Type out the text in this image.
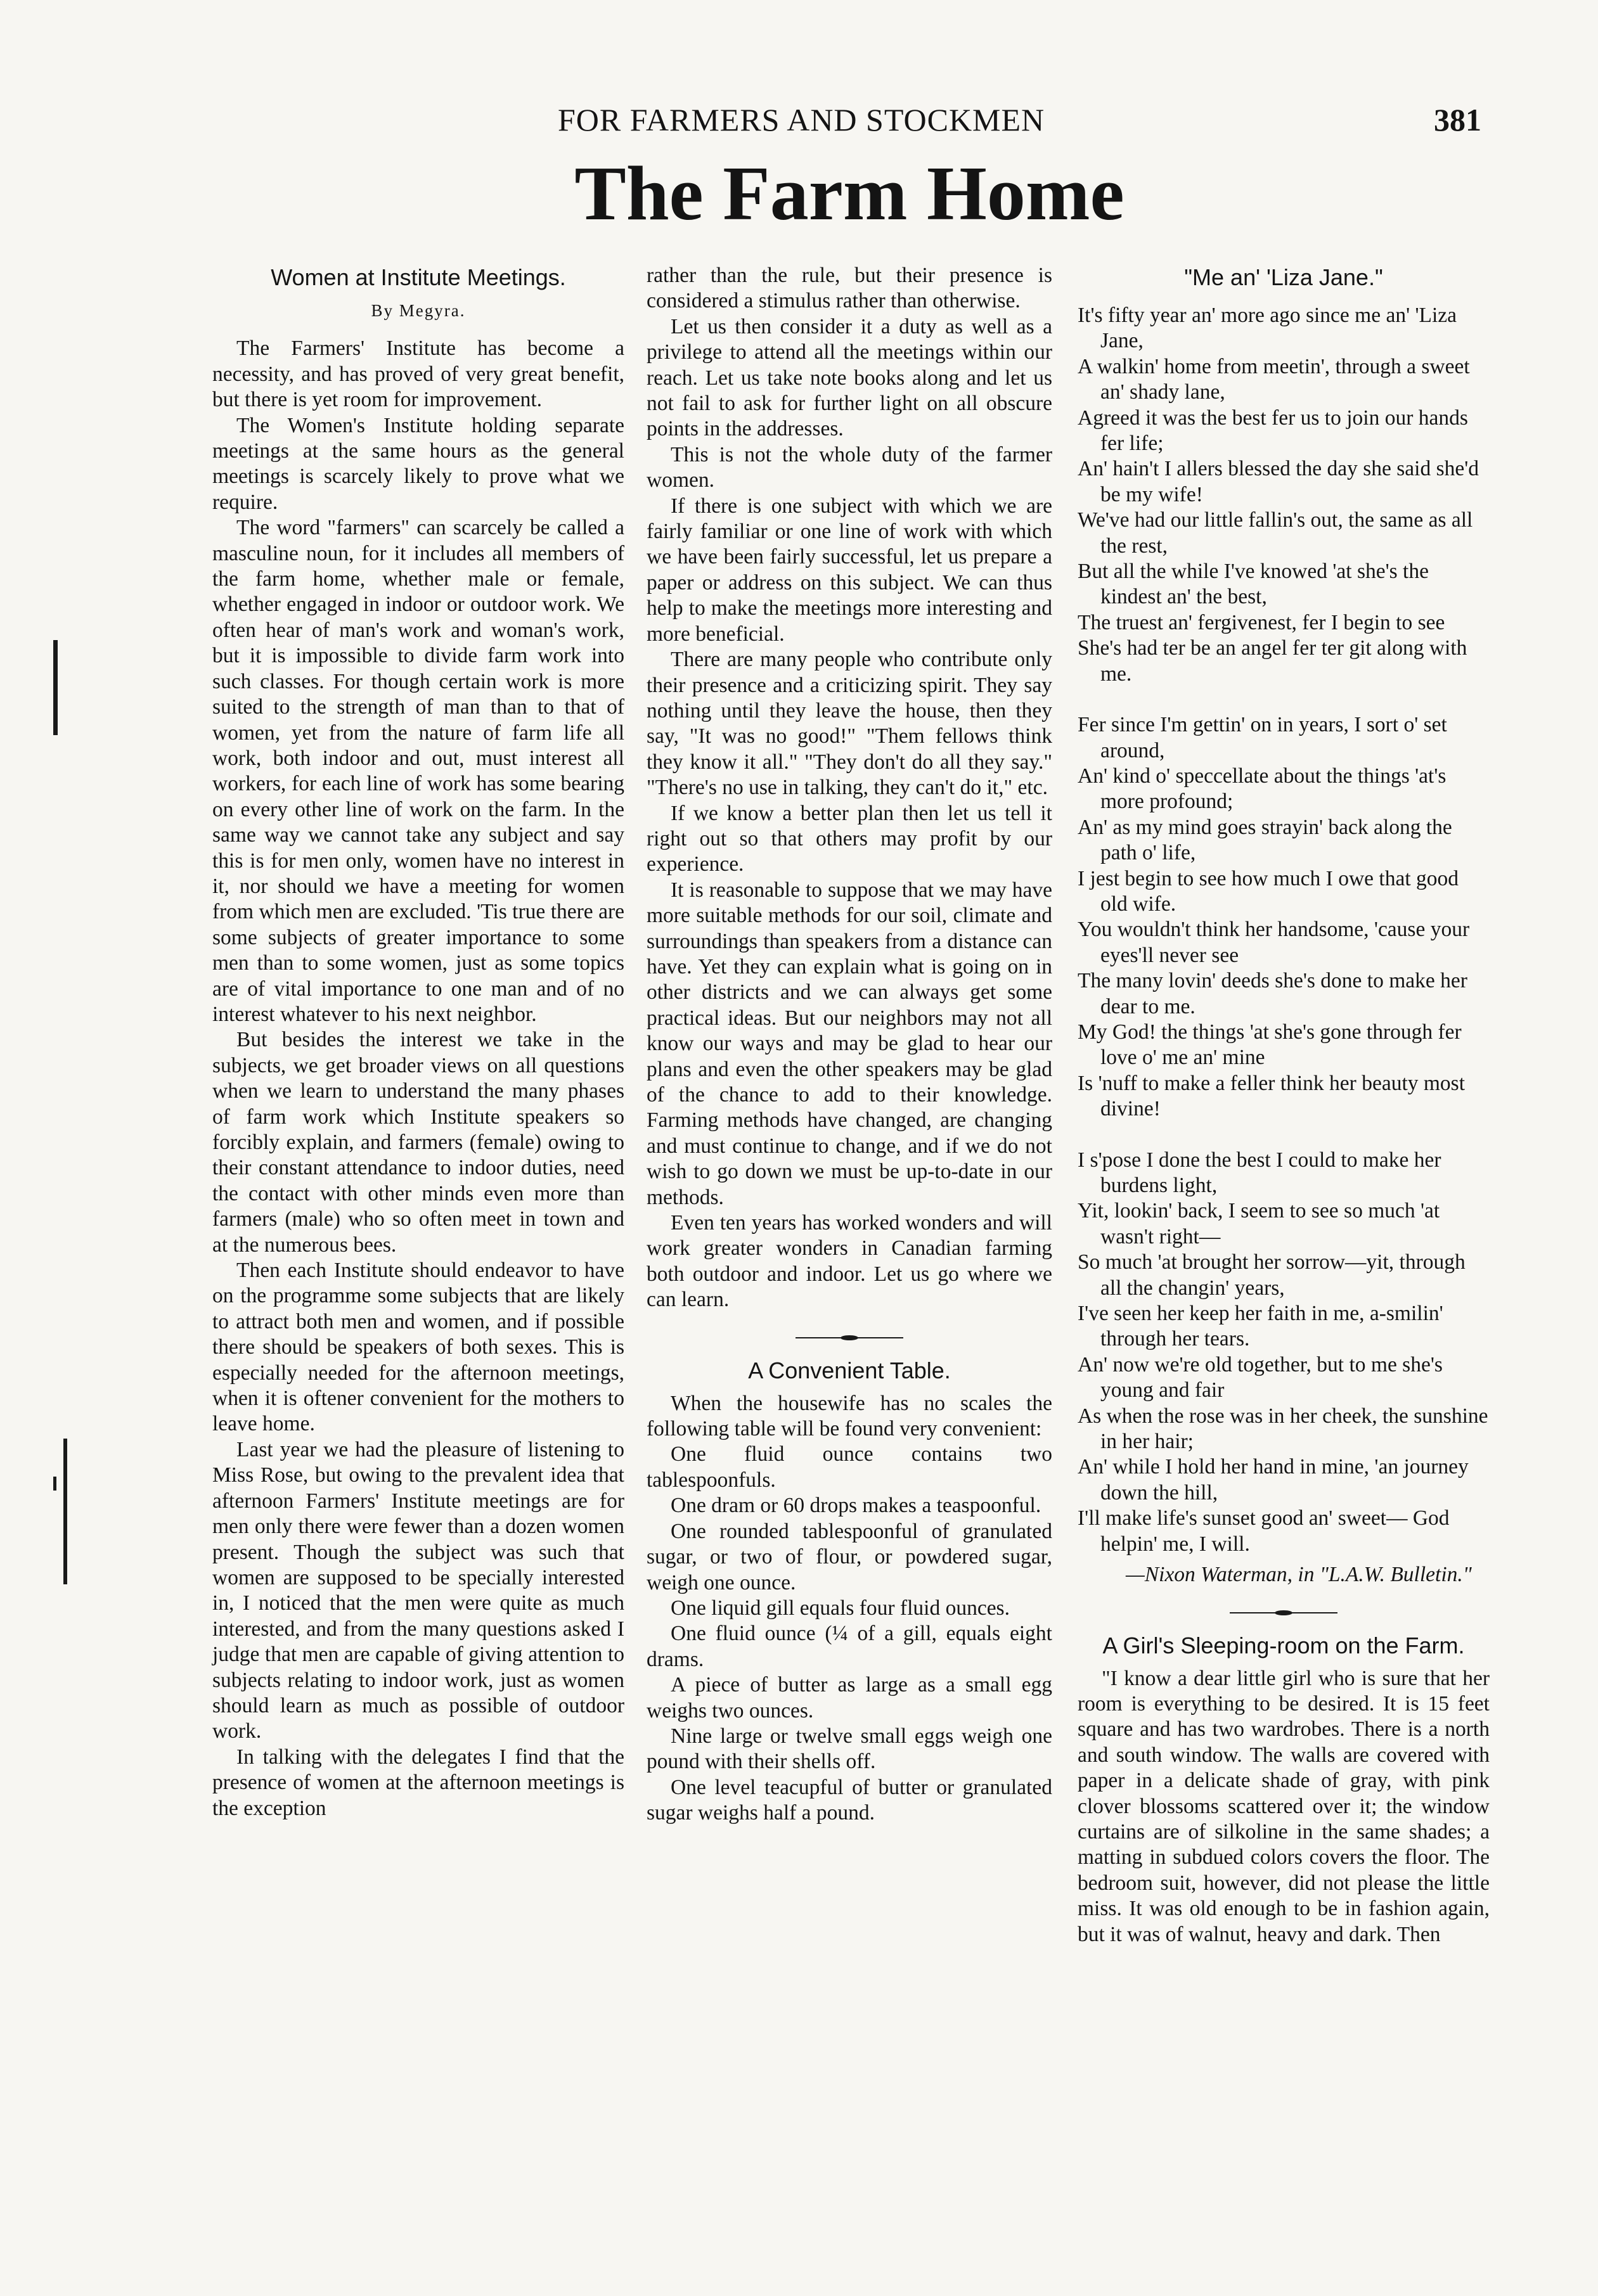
FOR FARMERS AND STOCKMEN	381
The Farm Home
Women at Institute Meetings.
By Megyra.

The Farmers' Institute has become a necessity, and has proved of very great benefit, but there is yet room for improvement.

The Women's Institute holding separate meetings at the same hours as the general meetings is scarcely likely to prove what we require.

The word "farmers" can scarcely be called a masculine noun, for it includes all members of the farm home, whether male or female, whether engaged in indoor or outdoor work. We often hear of man's work and woman's work, but it is impossible to divide farm work into such classes. For though certain work is more suited to the strength of man than to that of women, yet from the nature of farm life all work, both indoor and out, must interest all workers, for each line of work has some bearing on every other line of work on the farm. In the same way we cannot take any subject and say this is for men only, women have no interest in it, nor should we have a meeting for women from which men are excluded. 'Tis true there are some subjects of greater importance to some men than to some women, just as some topics are of vital importance to one man and of no interest whatever to his next neighbor.

But besides the interest we take in the subjects, we get broader views on all questions when we learn to understand the many phases of farm work which Institute speakers so forcibly explain, and farmers (female) owing to their constant attendance to indoor duties, need the contact with other minds even more than farmers (male) who so often meet in town and at the numerous bees.

Then each Institute should endeavor to have on the programme some subjects that are likely to attract both men and women, and if possible there should be speakers of both sexes. This is especially needed for the afternoon meetings, when it is oftener convenient for the mothers to leave home.

Last year we had the pleasure of listening to Miss Rose, but owing to the prevalent idea that afternoon Farmers' Institute meetings are for men only there were fewer than a dozen women present. Though the subject was such that women are supposed to be specially interested in, I noticed that the men were quite as much interested, and from the many questions asked I judge that men are capable of giving attention to subjects relating to indoor work, just as women should learn as much as possible of outdoor work.

In talking with the delegates I find that the presence of women at the afternoon meetings is the exception

rather than the rule, but their presence is considered a stimulus rather than otherwise.

Let us then consider it a duty as well as a privilege to attend all the meetings within our reach. Let us take note books along and let us not fail to ask for further light on all obscure points in the addresses.

This is not the whole duty of the farmer women.

If there is one subject with which we are fairly familiar or one line of work with which we have been fairly successful, let us prepare a paper or address on this subject. We can thus help to make the meetings more interesting and more beneficial.

There are many people who contribute only their presence and a criticizing spirit. They say nothing until they leave the house, then they say, "It was no good!" "Them fellows think they know it all." "They don't do all they say." "There's no use in talking, they can't do it," etc.

If we know a better plan then let us tell it right out so that others may profit by our experience.

It is reasonable to suppose that we may have more suitable methods for our soil, climate and surroundings than speakers from a distance can have. Yet they can explain what is going on in other districts and we can always get some practical ideas. But our neighbors may not all know our ways and may be glad to hear our plans and even the other speakers may be glad of the chance to add to their knowledge. Farming methods have changed, are changing and must continue to change, and if we do not wish to go down we must be up-to-date in our methods.

Even ten years has worked wonders and will work greater wonders in Canadian farming both outdoor and indoor. Let us go where we can learn.

A Convenient Table.

When the housewife has no scales the following table will be found very convenient:

One fluid ounce contains two tablespoonfuls.

One dram or 60 drops makes a teaspoonful.

One rounded tablespoonful of granulated sugar, or two of flour, or powdered sugar, weigh one ounce.

One liquid gill equals four fluid ounces.

One fluid ounce (¼ of a gill, equals eight drams.

A piece of butter as large as a small egg weighs two ounces.

Nine large or twelve small eggs weigh one pound with their shells off.

One level teacupful of butter or granulated sugar weighs half a pound.

"Me an' 'Liza Jane."

It's fifty year an' more ago since me an' 'Liza Jane,

A walkin' home from meetin', through a sweet an' shady lane,

Agreed it was the best fer us to join our hands fer life;

An' hain't I allers blessed the day she said she'd be my wife!

We've had our little fallin's out, the same as all the rest,

But all the while I've knowed 'at she's the kindest an' the best,

The truest an' fergivenest, fer I begin to see

She's had ter be an angel fer ter git along with me.

Fer since I'm gettin' on in years, I sort o' set around,

An' kind o' speccellate about the things 'at's more profound;

An' as my mind goes strayin' back along the path o' life,

I jest begin to see how much I owe that good old wife.

You wouldn't think her handsome, 'cause your eyes'll never see

The many lovin' deeds she's done to make her dear to me.

My God! the things 'at she's gone through fer love o' me an' mine

Is 'nuff to make a feller think her beauty most divine!

I s'pose I done the best I could to make her burdens light,

Yit, lookin' back, I seem to see so much 'at wasn't right—

So much 'at brought her sorrow—yit, through all the changin' years,

I've seen her keep her faith in me, a-smilin' through her tears.

An' now we're old together, but to me she's young and fair

As when the rose was in her cheek, the sunshine in her hair;

An' while I hold her hand in mine, 'an journey down the hill,

I'll make life's sunset good an' sweet— God helpin' me, I will.

—Nixon Waterman, in "L.A.W. Bulletin."

A Girl's Sleeping-room on the Farm.

"I know a dear little girl who is sure that her room is everything to be desired. It is 15 feet square and has two wardrobes. There is a north and south window. The walls are covered with paper in a delicate shade of gray, with pink clover blossoms scattered over it; the window curtains are of silkoline in the same shades; a matting in subdued colors covers the floor. The bedroom suit, however, did not please the little miss. It was old enough to be in fashion again, but it was of walnut, heavy and dark. Then
